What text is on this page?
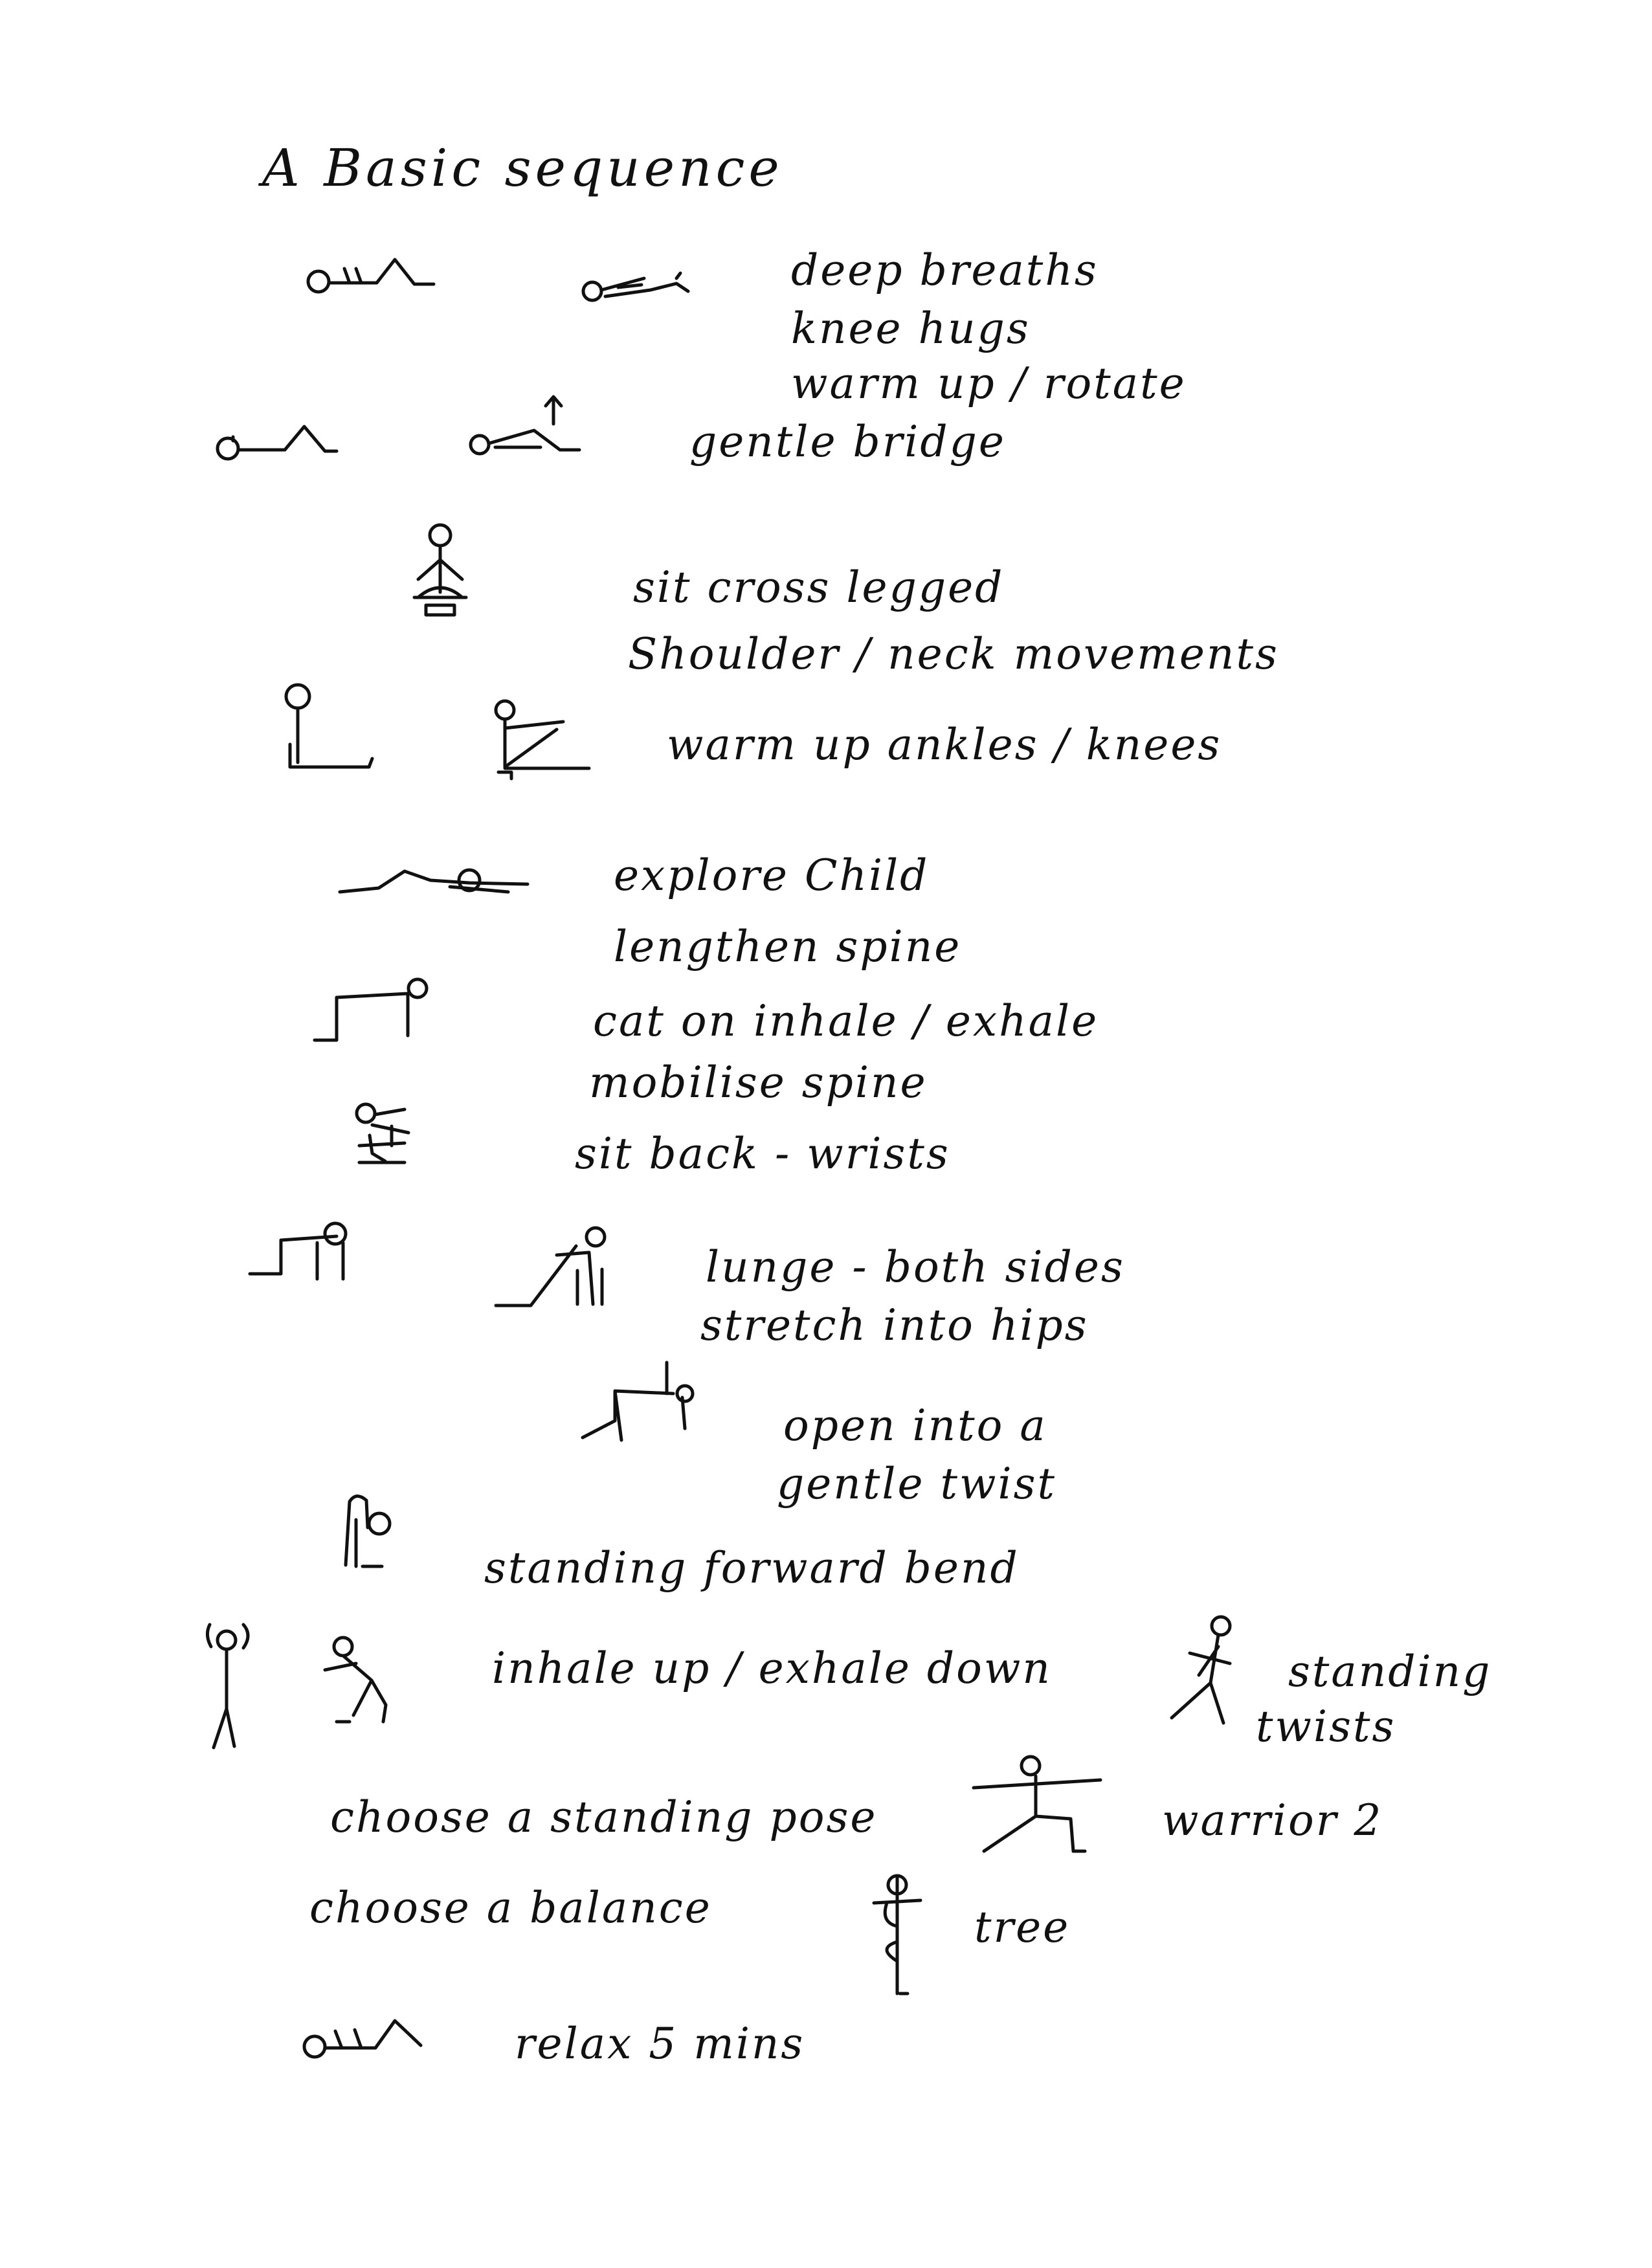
A Basic sequence
deep breaths
knee hugs
warm up / rotate
gentle bridge
sit cross legged
Shoulder / neck movements
warm up ankles / knees
explore Child
lengthen spine
cat on inhale / exhale
mobilise spine
sit back - wrists
lunge - both sides
stretch into hips
open into a
gentle twist
standing forward bend
inhale up / exhale down	standing
twists
choose a standing pose	warrior 2
choose a balance	tree
relax 5 mins
